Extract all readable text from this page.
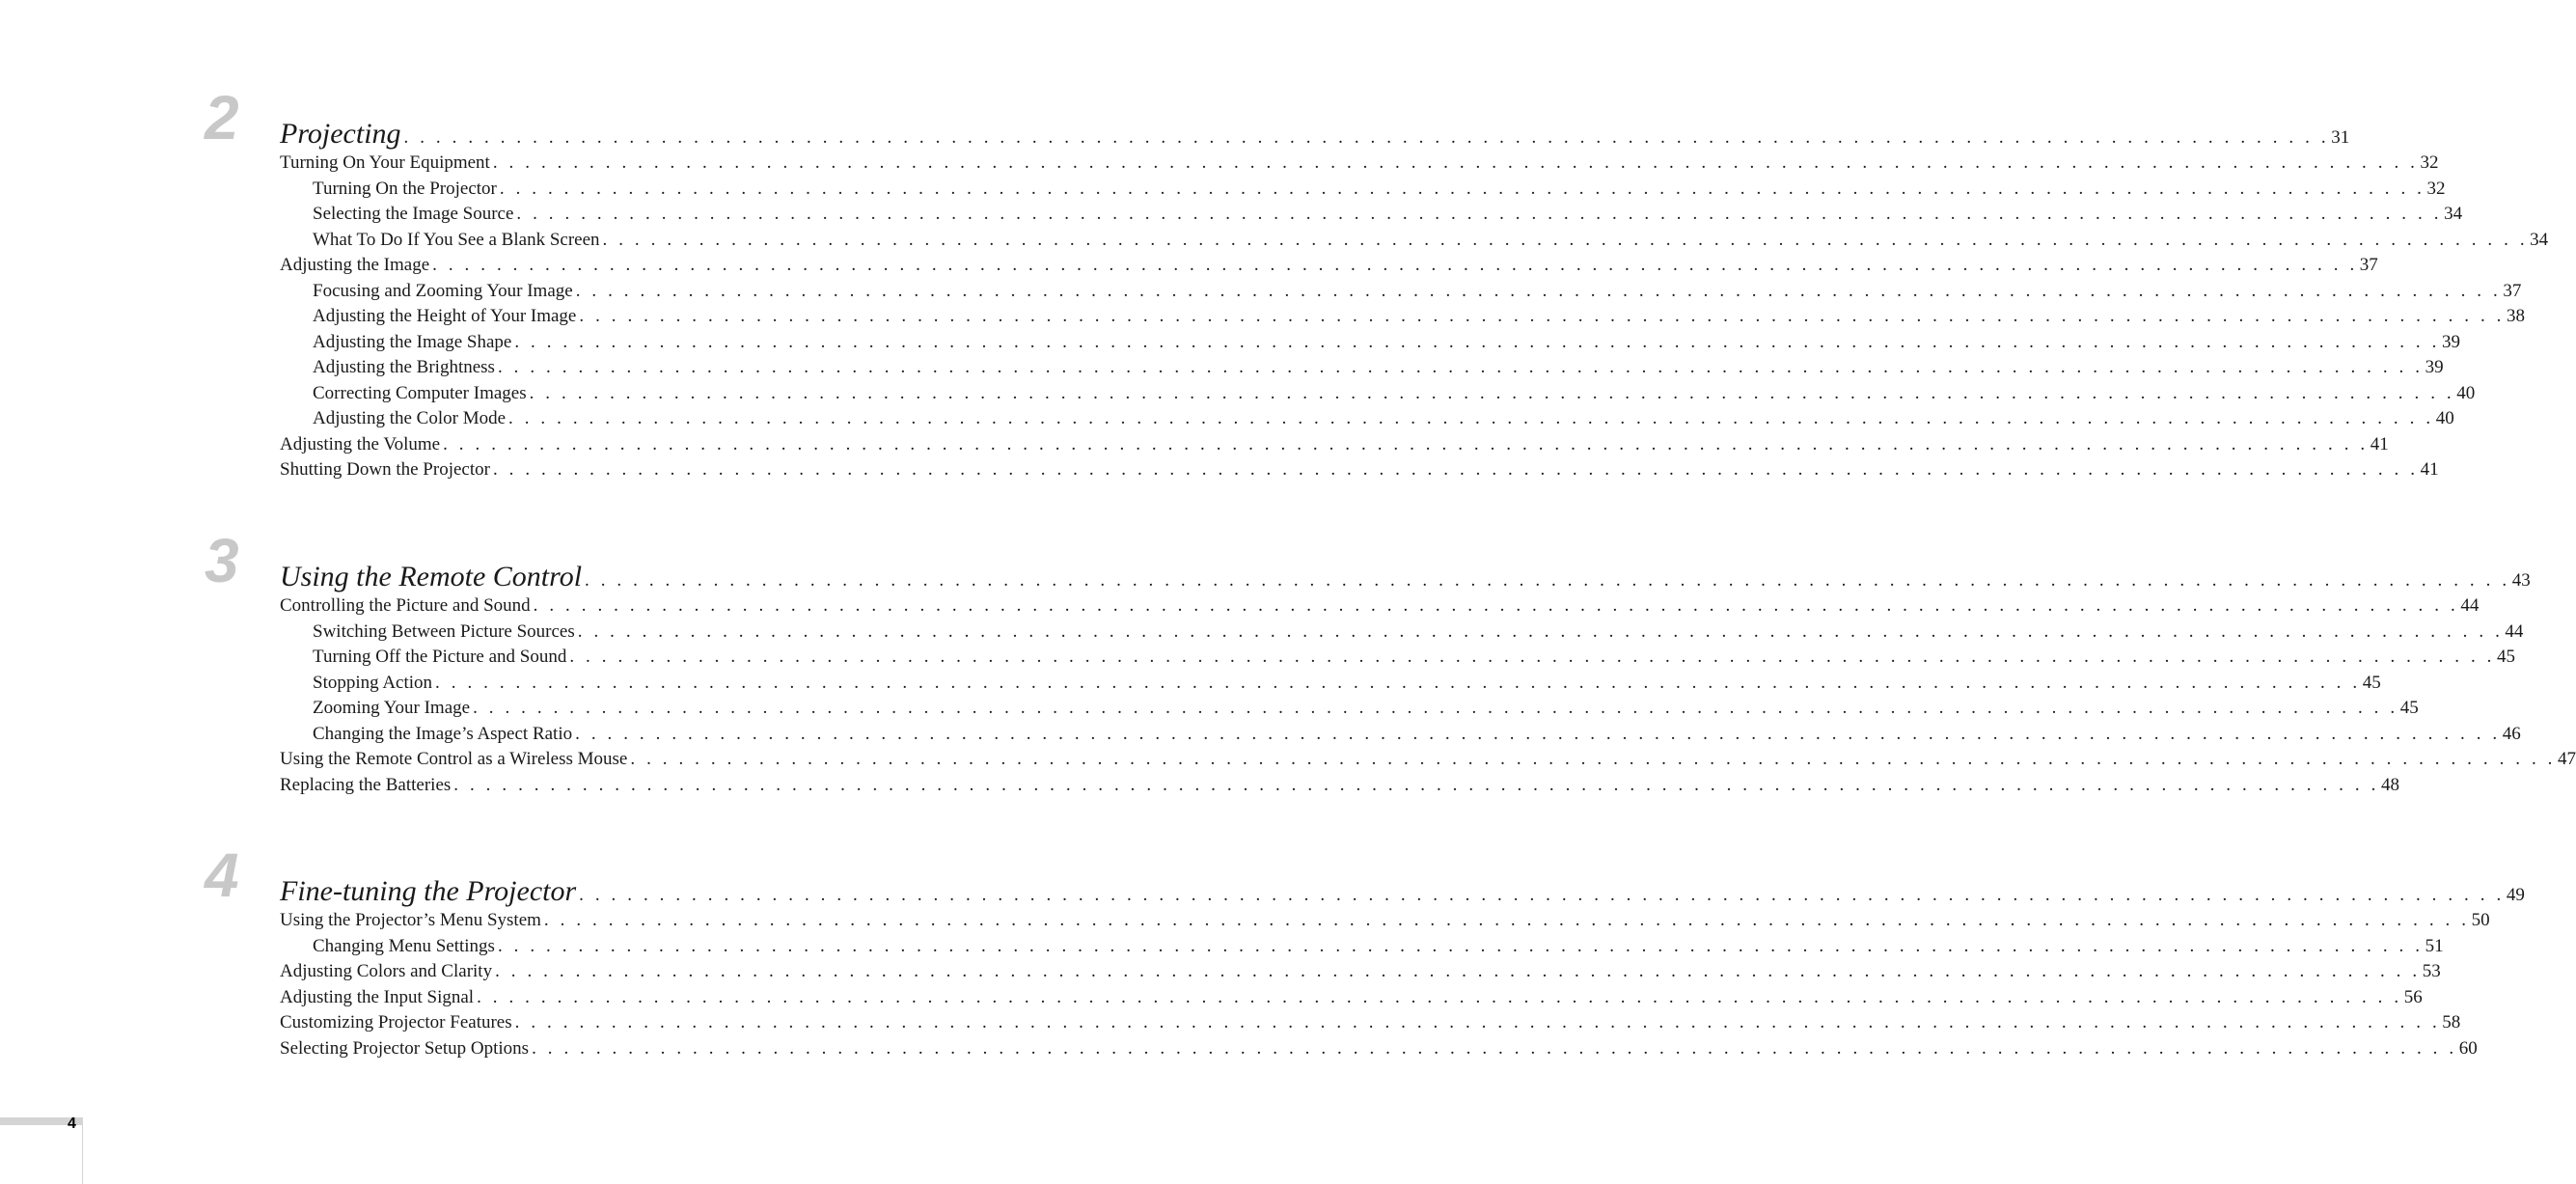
2	Projecting . . . . . . . . . . . . . . . . . . . . . . . . . . . . . . . . . . . . . . . . . . . . . . . . . . . . . . . . . . . . . . . . . . . . . . . . . . . . . . . . . . . . . . . . . . . . . . . . . . . . . . . . . . . . . . . . . . . . . . . . 31
Turning On Your Equipment . . . . . . . . . . . . . . . . . . . . . . . . . . . . . . . . . . . . . . . . . . . . . . . . . . . . . . . . . . . . . . . . . . . . . . . . . . . . . . . . . . . . . . . . . . . . . . . . . . . . . . . . . . . . . . . . . . . . . . . . 32
Turning On the Projector . . . . . . . . . . . . . . . . . . . . . . . . . . . . . . . . . . . . . . . . . . . . . . . . . . . . . . . . . . . . . . . . . . . . . . . . . . . . . . . . . . . . . . . . . . . . . . . . . . . . . . . . . . . . . . . . . . . . . . . . 32
Selecting the Image Source . . . . . . . . . . . . . . . . . . . . . . . . . . . . . . . . . . . . . . . . . . . . . . . . . . . . . . . . . . . . . . . . . . . . . . . . . . . . . . . . . . . . . . . . . . . . . . . . . . . . . . . . . . . . . . . . . . . . . . . . 34
What To Do If You See a Blank Screen . . . . . . . . . . . . . . . . . . . . . . . . . . . . . . . . . . . . . . . . . . . . . . . . . . . . . . . . . . . . . . . . . . . . . . . . . . . . . . . . . . . . . . . . . . . . . . . . . . . . . . . . . . . . . . . . . . . . . . . . 34
Adjusting the Image . . . . . . . . . . . . . . . . . . . . . . . . . . . . . . . . . . . . . . . . . . . . . . . . . . . . . . . . . . . . . . . . . . . . . . . . . . . . . . . . . . . . . . . . . . . . . . . . . . . . . . . . . . . . . . . . . . . . . . . . 37
Focusing and Zooming Your Image . . . . . . . . . . . . . . . . . . . . . . . . . . . . . . . . . . . . . . . . . . . . . . . . . . . . . . . . . . . . . . . . . . . . . . . . . . . . . . . . . . . . . . . . . . . . . . . . . . . . . . . . . . . . . . . . . . . . . . . . 37
Adjusting the Height of Your Image . . . . . . . . . . . . . . . . . . . . . . . . . . . . . . . . . . . . . . . . . . . . . . . . . . . . . . . . . . . . . . . . . . . . . . . . . . . . . . . . . . . . . . . . . . . . . . . . . . . . . . . . . . . . . . . . . . . . . . . . 38
Adjusting the Image Shape . . . . . . . . . . . . . . . . . . . . . . . . . . . . . . . . . . . . . . . . . . . . . . . . . . . . . . . . . . . . . . . . . . . . . . . . . . . . . . . . . . . . . . . . . . . . . . . . . . . . . . . . . . . . . . . . . . . . . . . . 39
Adjusting the Brightness . . . . . . . . . . . . . . . . . . . . . . . . . . . . . . . . . . . . . . . . . . . . . . . . . . . . . . . . . . . . . . . . . . . . . . . . . . . . . . . . . . . . . . . . . . . . . . . . . . . . . . . . . . . . . . . . . . . . . . . . 39
Correcting Computer Images . . . . . . . . . . . . . . . . . . . . . . . . . . . . . . . . . . . . . . . . . . . . . . . . . . . . . . . . . . . . . . . . . . . . . . . . . . . . . . . . . . . . . . . . . . . . . . . . . . . . . . . . . . . . . . . . . . . . . . . . 40
Adjusting the Color Mode . . . . . . . . . . . . . . . . . . . . . . . . . . . . . . . . . . . . . . . . . . . . . . . . . . . . . . . . . . . . . . . . . . . . . . . . . . . . . . . . . . . . . . . . . . . . . . . . . . . . . . . . . . . . . . . . . . . . . . . . 40
Adjusting the Volume . . . . . . . . . . . . . . . . . . . . . . . . . . . . . . . . . . . . . . . . . . . . . . . . . . . . . . . . . . . . . . . . . . . . . . . . . . . . . . . . . . . . . . . . . . . . . . . . . . . . . . . . . . . . . . . . . . . . . . . . 41
Shutting Down the Projector . . . . . . . . . . . . . . . . . . . . . . . . . . . . . . . . . . . . . . . . . . . . . . . . . . . . . . . . . . . . . . . . . . . . . . . . . . . . . . . . . . . . . . . . . . . . . . . . . . . . . . . . . . . . . . . . . . . . . . . . 41
3	Using the Remote Control . . . . . . . . . . . . . . . . . . . . . . . . . . . . . . . . . . . . . . . . . . . . . . . . . . . . . . . . . . . . . . . . . . . . . . . . . . . . . . . . . . . . . . . . . . . . . . . . . . . . . . . . . . . . . . . . . . . . . . . . 43
Controlling the Picture and Sound . . . . . . . . . . . . . . . . . . . . . . . . . . . . . . . . . . . . . . . . . . . . . . . . . . . . . . . . . . . . . . . . . . . . . . . . . . . . . . . . . . . . . . . . . . . . . . . . . . . . . . . . . . . . . . . . . . . . . . . . 44
Switching Between Picture Sources . . . . . . . . . . . . . . . . . . . . . . . . . . . . . . . . . . . . . . . . . . . . . . . . . . . . . . . . . . . . . . . . . . . . . . . . . . . . . . . . . . . . . . . . . . . . . . . . . . . . . . . . . . . . . . . . . . . . . . . . 44
Turning Off the Picture and Sound . . . . . . . . . . . . . . . . . . . . . . . . . . . . . . . . . . . . . . . . . . . . . . . . . . . . . . . . . . . . . . . . . . . . . . . . . . . . . . . . . . . . . . . . . . . . . . . . . . . . . . . . . . . . . . . . . . . . . . . . 45
Stopping Action . . . . . . . . . . . . . . . . . . . . . . . . . . . . . . . . . . . . . . . . . . . . . . . . . . . . . . . . . . . . . . . . . . . . . . . . . . . . . . . . . . . . . . . . . . . . . . . . . . . . . . . . . . . . . . . . . . . . . . . . 45
Zooming Your Image . . . . . . . . . . . . . . . . . . . . . . . . . . . . . . . . . . . . . . . . . . . . . . . . . . . . . . . . . . . . . . . . . . . . . . . . . . . . . . . . . . . . . . . . . . . . . . . . . . . . . . . . . . . . . . . . . . . . . . . . 45
Changing the Image’s Aspect Ratio . . . . . . . . . . . . . . . . . . . . . . . . . . . . . . . . . . . . . . . . . . . . . . . . . . . . . . . . . . . . . . . . . . . . . . . . . . . . . . . . . . . . . . . . . . . . . . . . . . . . . . . . . . . . . . . . . . . . . . . . 46
Using the Remote Control as a Wireless Mouse . . . . . . . . . . . . . . . . . . . . . . . . . . . . . . . . . . . . . . . . . . . . . . . . . . . . . . . . . . . . . . . . . . . . . . . . . . . . . . . . . . . . . . . . . . . . . . . . . . . . . . . . . . . . . . . . . . . . . . . . 47
Replacing the Batteries . . . . . . . . . . . . . . . . . . . . . . . . . . . . . . . . . . . . . . . . . . . . . . . . . . . . . . . . . . . . . . . . . . . . . . . . . . . . . . . . . . . . . . . . . . . . . . . . . . . . . . . . . . . . . . . . . . . . . . . . 48
4	Fine-tuning the Projector . . . . . . . . . . . . . . . . . . . . . . . . . . . . . . . . . . . . . . . . . . . . . . . . . . . . . . . . . . . . . . . . . . . . . . . . . . . . . . . . . . . . . . . . . . . . . . . . . . . . . . . . . . . . . . . . . . . . . . . . 49
Using the Projector’s Menu System . . . . . . . . . . . . . . . . . . . . . . . . . . . . . . . . . . . . . . . . . . . . . . . . . . . . . . . . . . . . . . . . . . . . . . . . . . . . . . . . . . . . . . . . . . . . . . . . . . . . . . . . . . . . . . . . . . . . . . . . 50
Changing Menu Settings . . . . . . . . . . . . . . . . . . . . . . . . . . . . . . . . . . . . . . . . . . . . . . . . . . . . . . . . . . . . . . . . . . . . . . . . . . . . . . . . . . . . . . . . . . . . . . . . . . . . . . . . . . . . . . . . . . . . . . . . 51
Adjusting Colors and Clarity . . . . . . . . . . . . . . . . . . . . . . . . . . . . . . . . . . . . . . . . . . . . . . . . . . . . . . . . . . . . . . . . . . . . . . . . . . . . . . . . . . . . . . . . . . . . . . . . . . . . . . . . . . . . . . . . . . . . . . . . 53
Adjusting the Input Signal . . . . . . . . . . . . . . . . . . . . . . . . . . . . . . . . . . . . . . . . . . . . . . . . . . . . . . . . . . . . . . . . . . . . . . . . . . . . . . . . . . . . . . . . . . . . . . . . . . . . . . . . . . . . . . . . . . . . . . . . 56
Customizing Projector Features . . . . . . . . . . . . . . . . . . . . . . . . . . . . . . . . . . . . . . . . . . . . . . . . . . . . . . . . . . . . . . . . . . . . . . . . . . . . . . . . . . . . . . . . . . . . . . . . . . . . . . . . . . . . . . . . . . . . . . . . 58
Selecting Projector Setup Options . . . . . . . . . . . . . . . . . . . . . . . . . . . . . . . . . . . . . . . . . . . . . . . . . . . . . . . . . . . . . . . . . . . . . . . . . . . . . . . . . . . . . . . . . . . . . . . . . . . . . . . . . . . . . . . . . . . . . . . . 60
4
